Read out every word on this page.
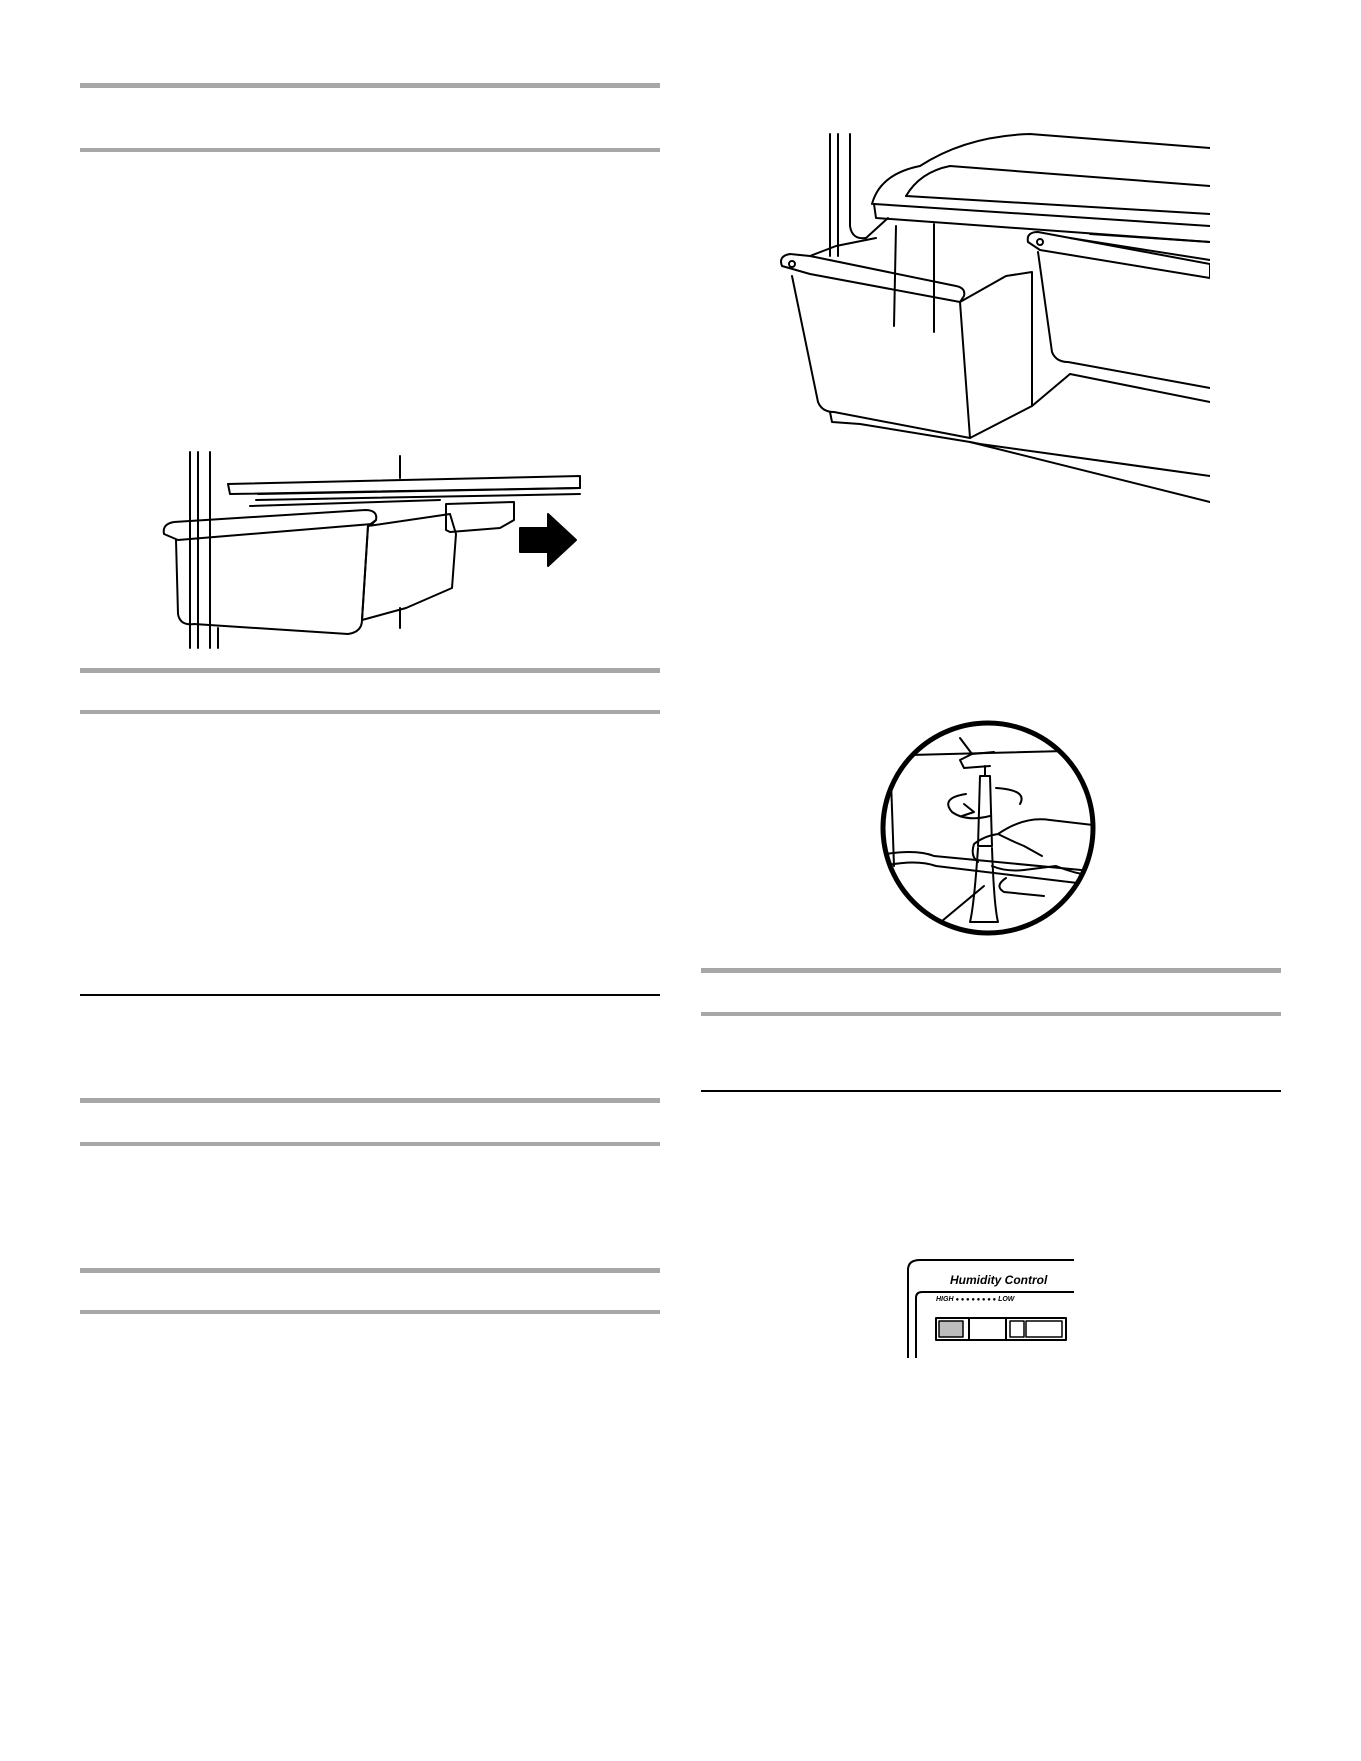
Humidity Control
HIGH ● ● ● ● ● ● ● ● LOW
